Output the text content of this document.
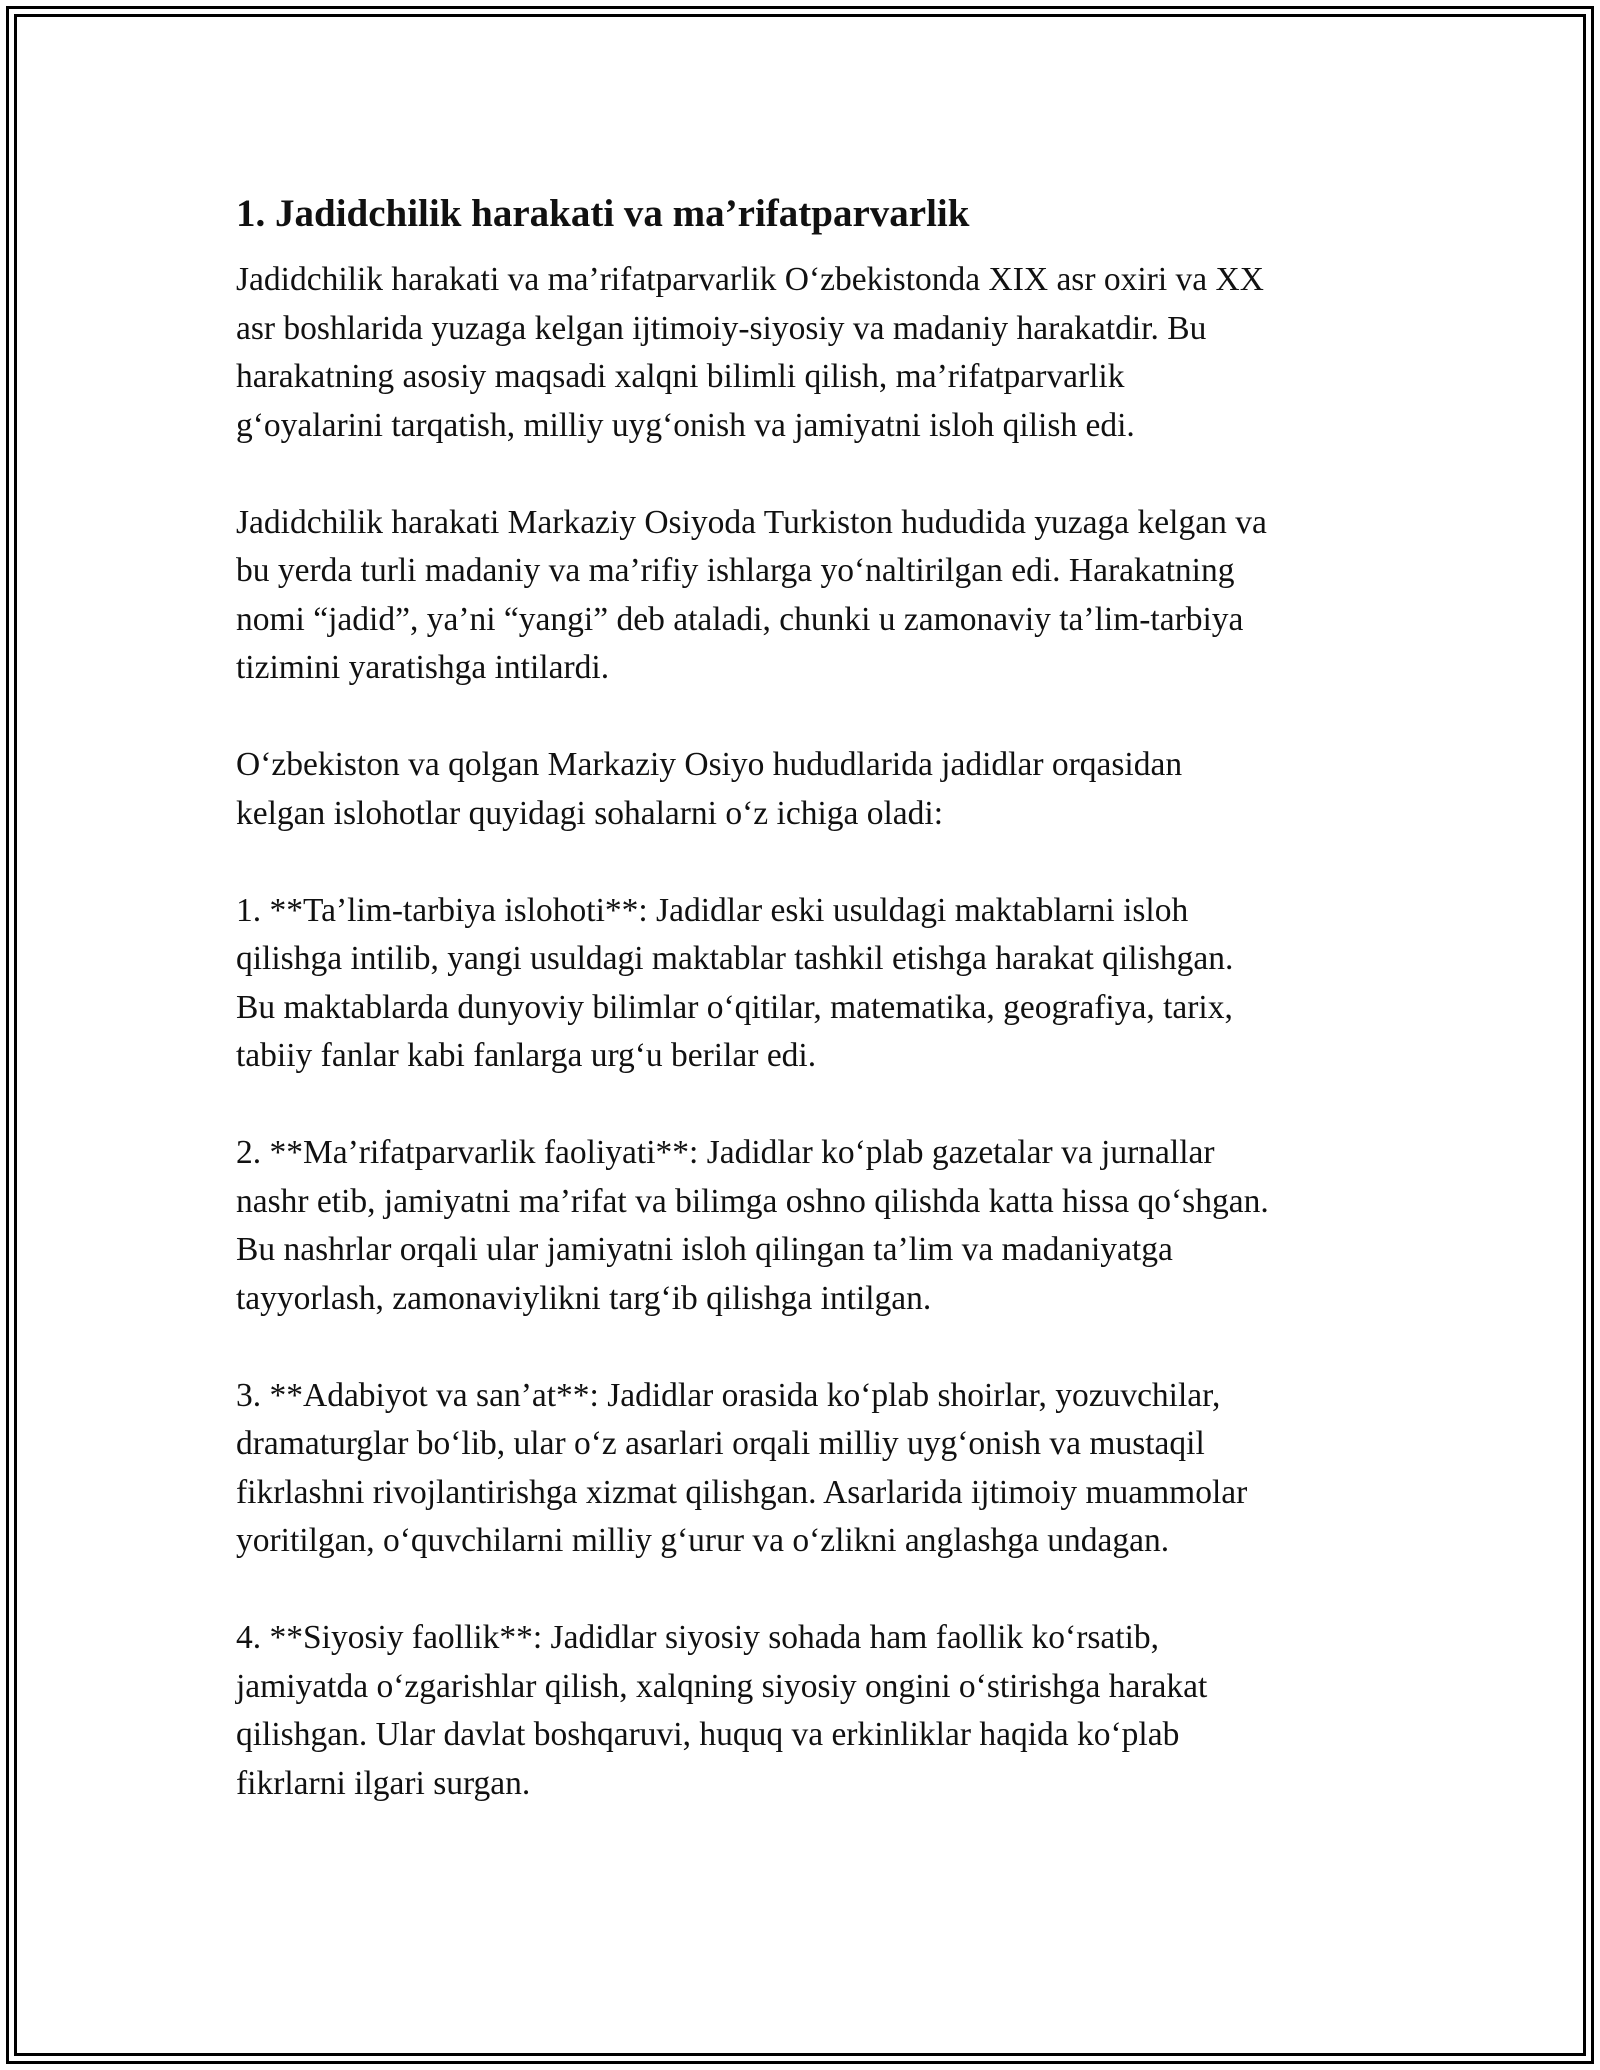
1. Jadidchilik harakati va ma’rifatparvarlik
Jadidchilik harakati va ma’rifatparvarlik O‘zbekistonda XIX asr oxiri va XX
asr boshlarida yuzaga kelgan ijtimoiy-siyosiy va madaniy harakatdir. Bu
harakatning asosiy maqsadi xalqni bilimli qilish, ma’rifatparvarlik
g‘oyalarini tarqatish, milliy uyg‘onish va jamiyatni isloh qilish edi.
Jadidchilik harakati Markaziy Osiyoda Turkiston hududida yuzaga kelgan va
bu yerda turli madaniy va ma’rifiy ishlarga yo‘naltirilgan edi. Harakatning
nomi “jadid”, ya’ni “yangi” deb ataladi, chunki u zamonaviy ta’lim-tarbiya
tizimini yaratishga intilardi.
O‘zbekiston va qolgan Markaziy Osiyo hududlarida jadidlar orqasidan
kelgan islohotlar quyidagi sohalarni o‘z ichiga oladi:
1. **Ta’lim-tarbiya islohoti**: Jadidlar eski usuldagi maktablarni isloh
qilishga intilib, yangi usuldagi maktablar tashkil etishga harakat qilishgan.
Bu maktablarda dunyoviy bilimlar o‘qitilar, matematika, geografiya, tarix,
tabiiy fanlar kabi fanlarga urg‘u berilar edi.
2. **Ma’rifatparvarlik faoliyati**: Jadidlar ko‘plab gazetalar va jurnallar
nashr etib, jamiyatni ma’rifat va bilimga oshno qilishda katta hissa qo‘shgan.
Bu nashrlar orqali ular jamiyatni isloh qilingan ta’lim va madaniyatga
tayyorlash, zamonaviylikni targ‘ib qilishga intilgan.
3. **Adabiyot va san’at**: Jadidlar orasida ko‘plab shoirlar, yozuvchilar,
dramaturglar bo‘lib, ular o‘z asarlari orqali milliy uyg‘onish va mustaqil
fikrlashni rivojlantirishga xizmat qilishgan. Asarlarida ijtimoiy muammolar
yoritilgan, o‘quvchilarni milliy g‘urur va o‘zlikni anglashga undagan.
4. **Siyosiy faollik**: Jadidlar siyosiy sohada ham faollik ko‘rsatib,
jamiyatda o‘zgarishlar qilish, xalqning siyosiy ongini o‘stirishga harakat
qilishgan. Ular davlat boshqaruvi, huquq va erkinliklar haqida ko‘plab
fikrlarni ilgari surgan.
